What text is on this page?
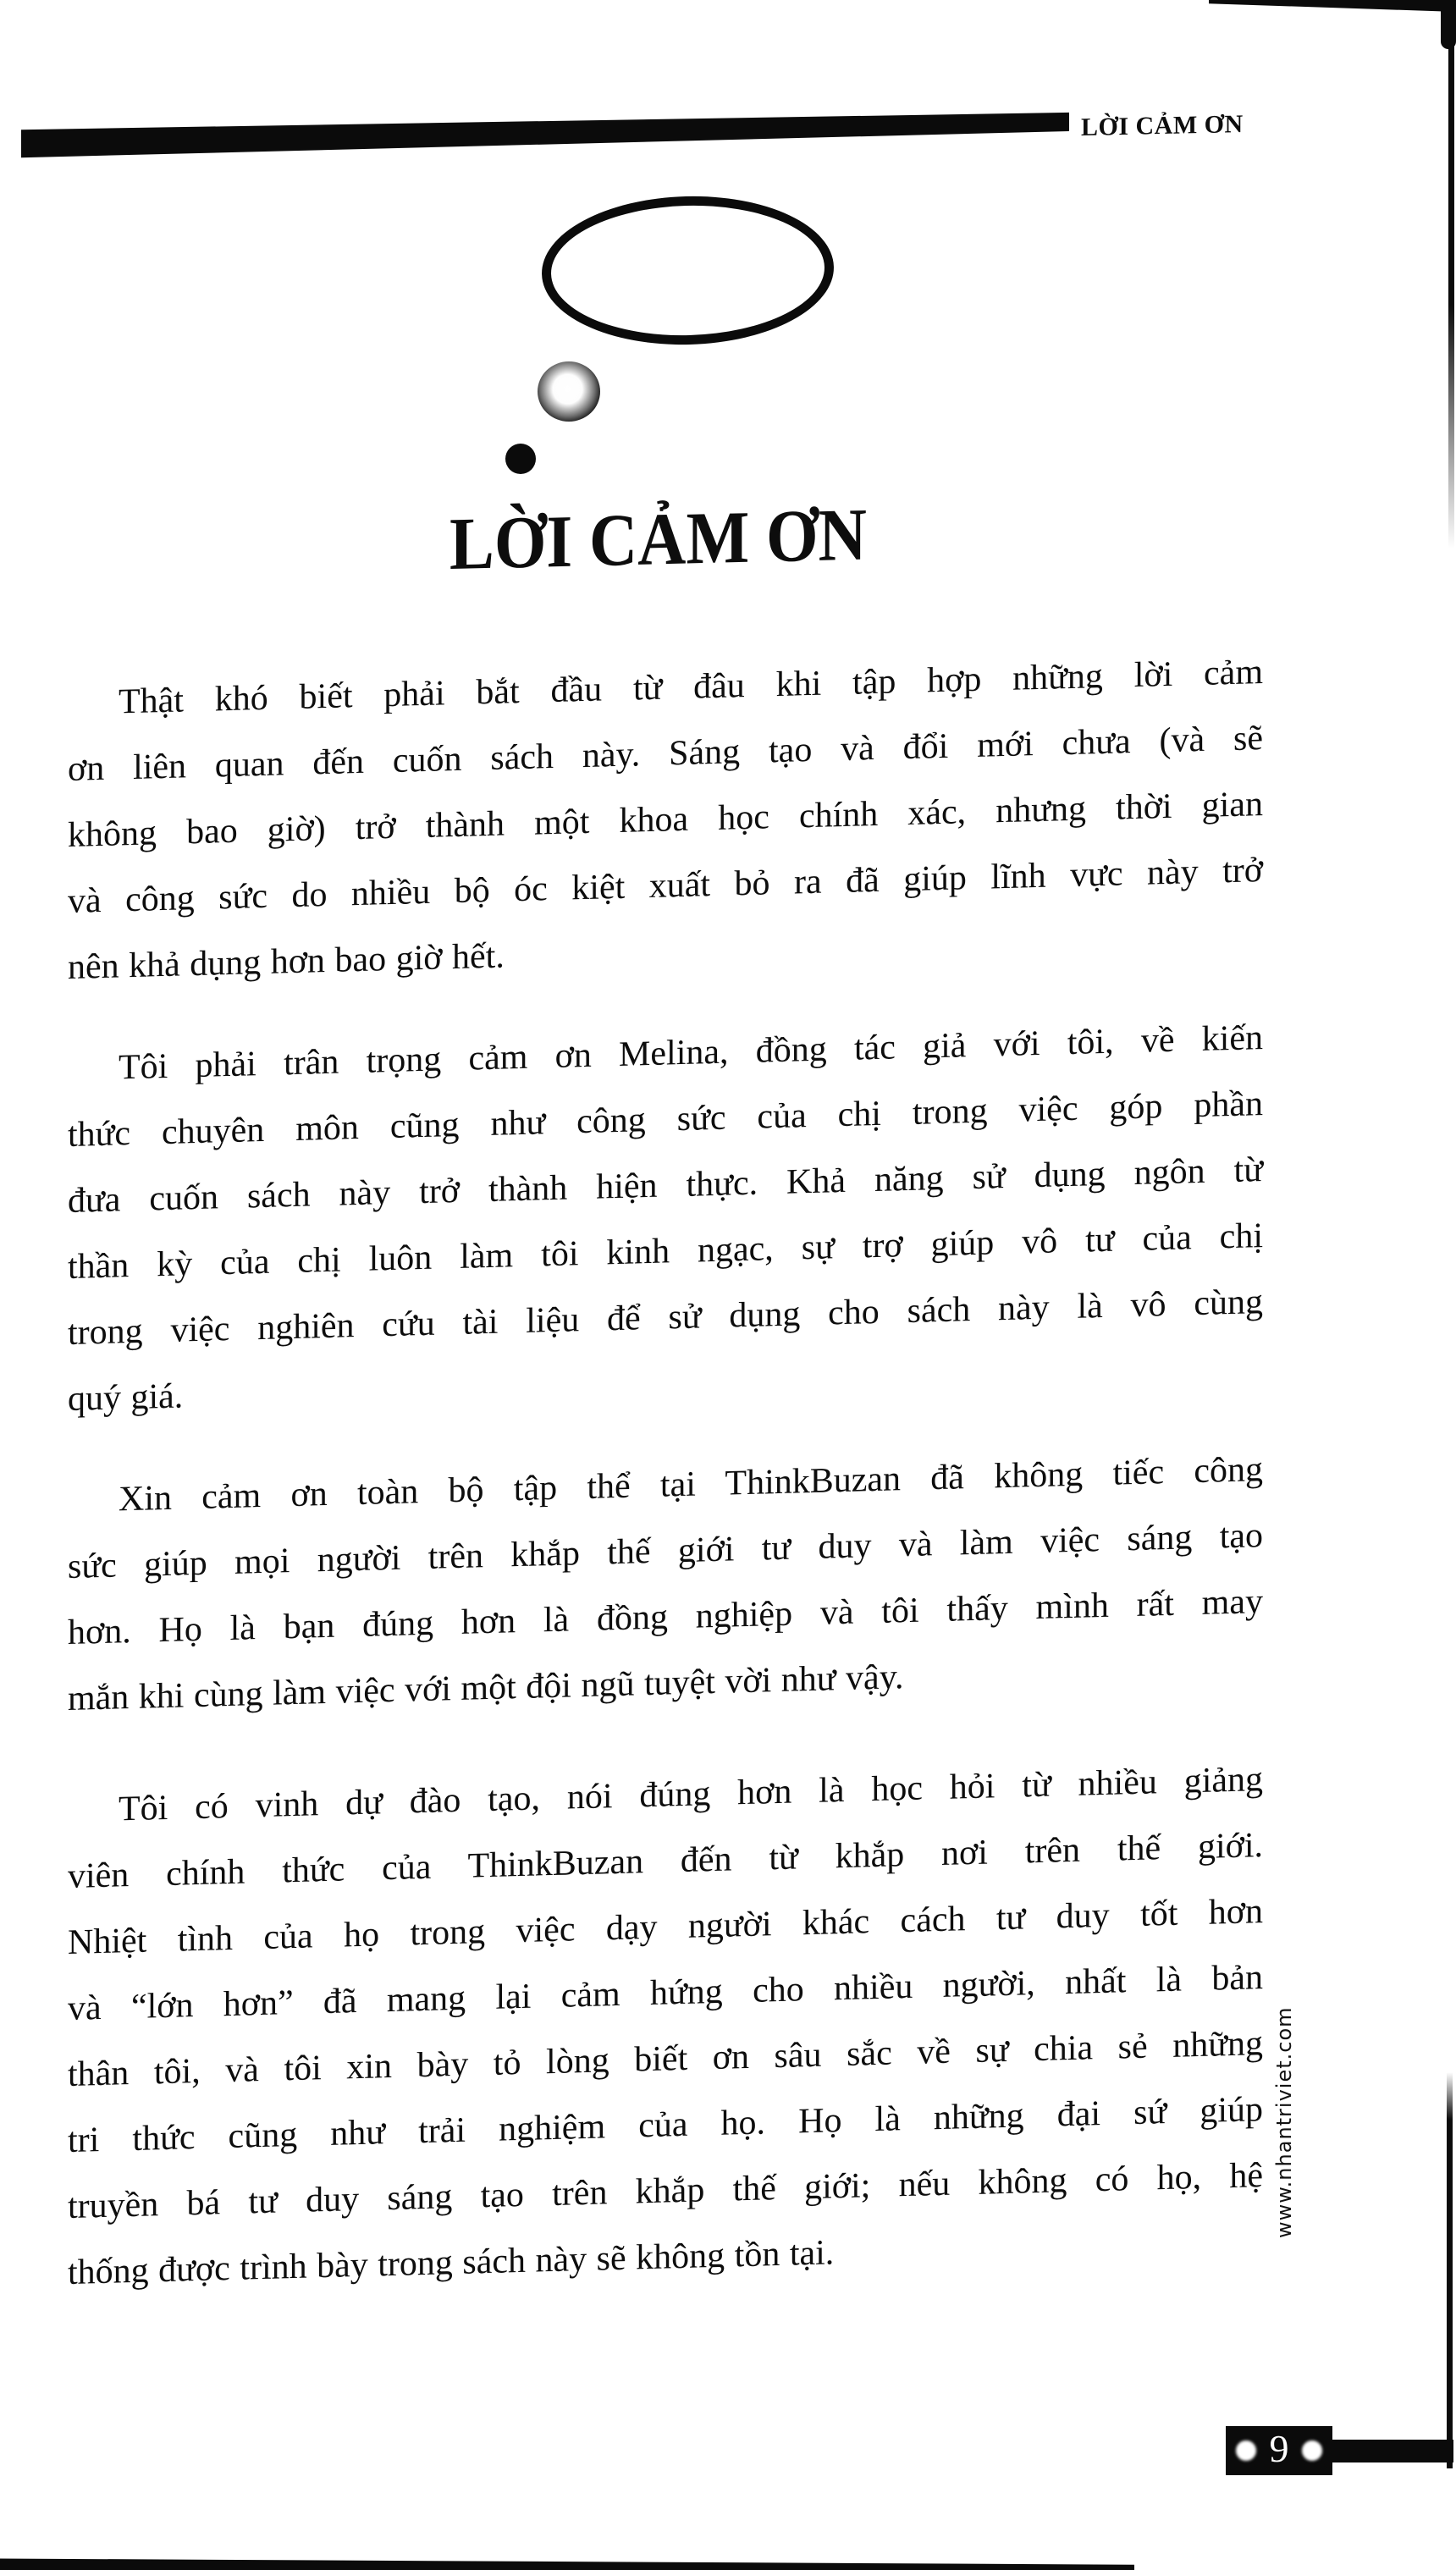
LỜI CẢM ƠN
LỜI CẢM ƠN

Thật khó biết phải bắt đầu từ đâu khi tập hợp những lời cảm
ơn liên quan đến cuốn sách này. Sáng tạo và đổi mới chưa (và sẽ
không bao giờ) trở thành một khoa học chính xác, nhưng thời gian
và công sức do nhiều bộ óc kiệt xuất bỏ ra đã giúp lĩnh vực này trở
nên khả dụng hơn bao giờ hết.

Tôi phải trân trọng cảm ơn Melina, đồng tác giả với tôi, về kiến
thức chuyên môn cũng như công sức của chị trong việc góp phần
đưa cuốn sách này trở thành hiện thực. Khả năng sử dụng ngôn từ
thần kỳ của chị luôn làm tôi kinh ngạc, sự trợ giúp vô tư của chị
trong việc nghiên cứu tài liệu để sử dụng cho sách này là vô cùng
quý giá.

Xin cảm ơn toàn bộ tập thể tại ThinkBuzan đã không tiếc công
sức giúp mọi người trên khắp thế giới tư duy và làm việc sáng tạo
hơn. Họ là bạn đúng hơn là đồng nghiệp và tôi thấy mình rất may
mắn khi cùng làm việc với một đội ngũ tuyệt vời như vậy.

Tôi có vinh dự đào tạo, nói đúng hơn là học hỏi từ nhiều giảng
viên chính thức của ThinkBuzan đến từ khắp nơi trên thế giới.
Nhiệt tình của họ trong việc dạy người khác cách tư duy tốt hơn
và “lớn hơn” đã mang lại cảm hứng cho nhiều người, nhất là bản
thân tôi, và tôi xin bày tỏ lòng biết ơn sâu sắc về sự chia sẻ những
tri thức cũng như trải nghiệm của họ. Họ là những đại sứ giúp
truyền bá tư duy sáng tạo trên khắp thế giới; nếu không có họ, hệ
thống được trình bày trong sách này sẽ không tồn tại.

www.nhantriviet.com
9
